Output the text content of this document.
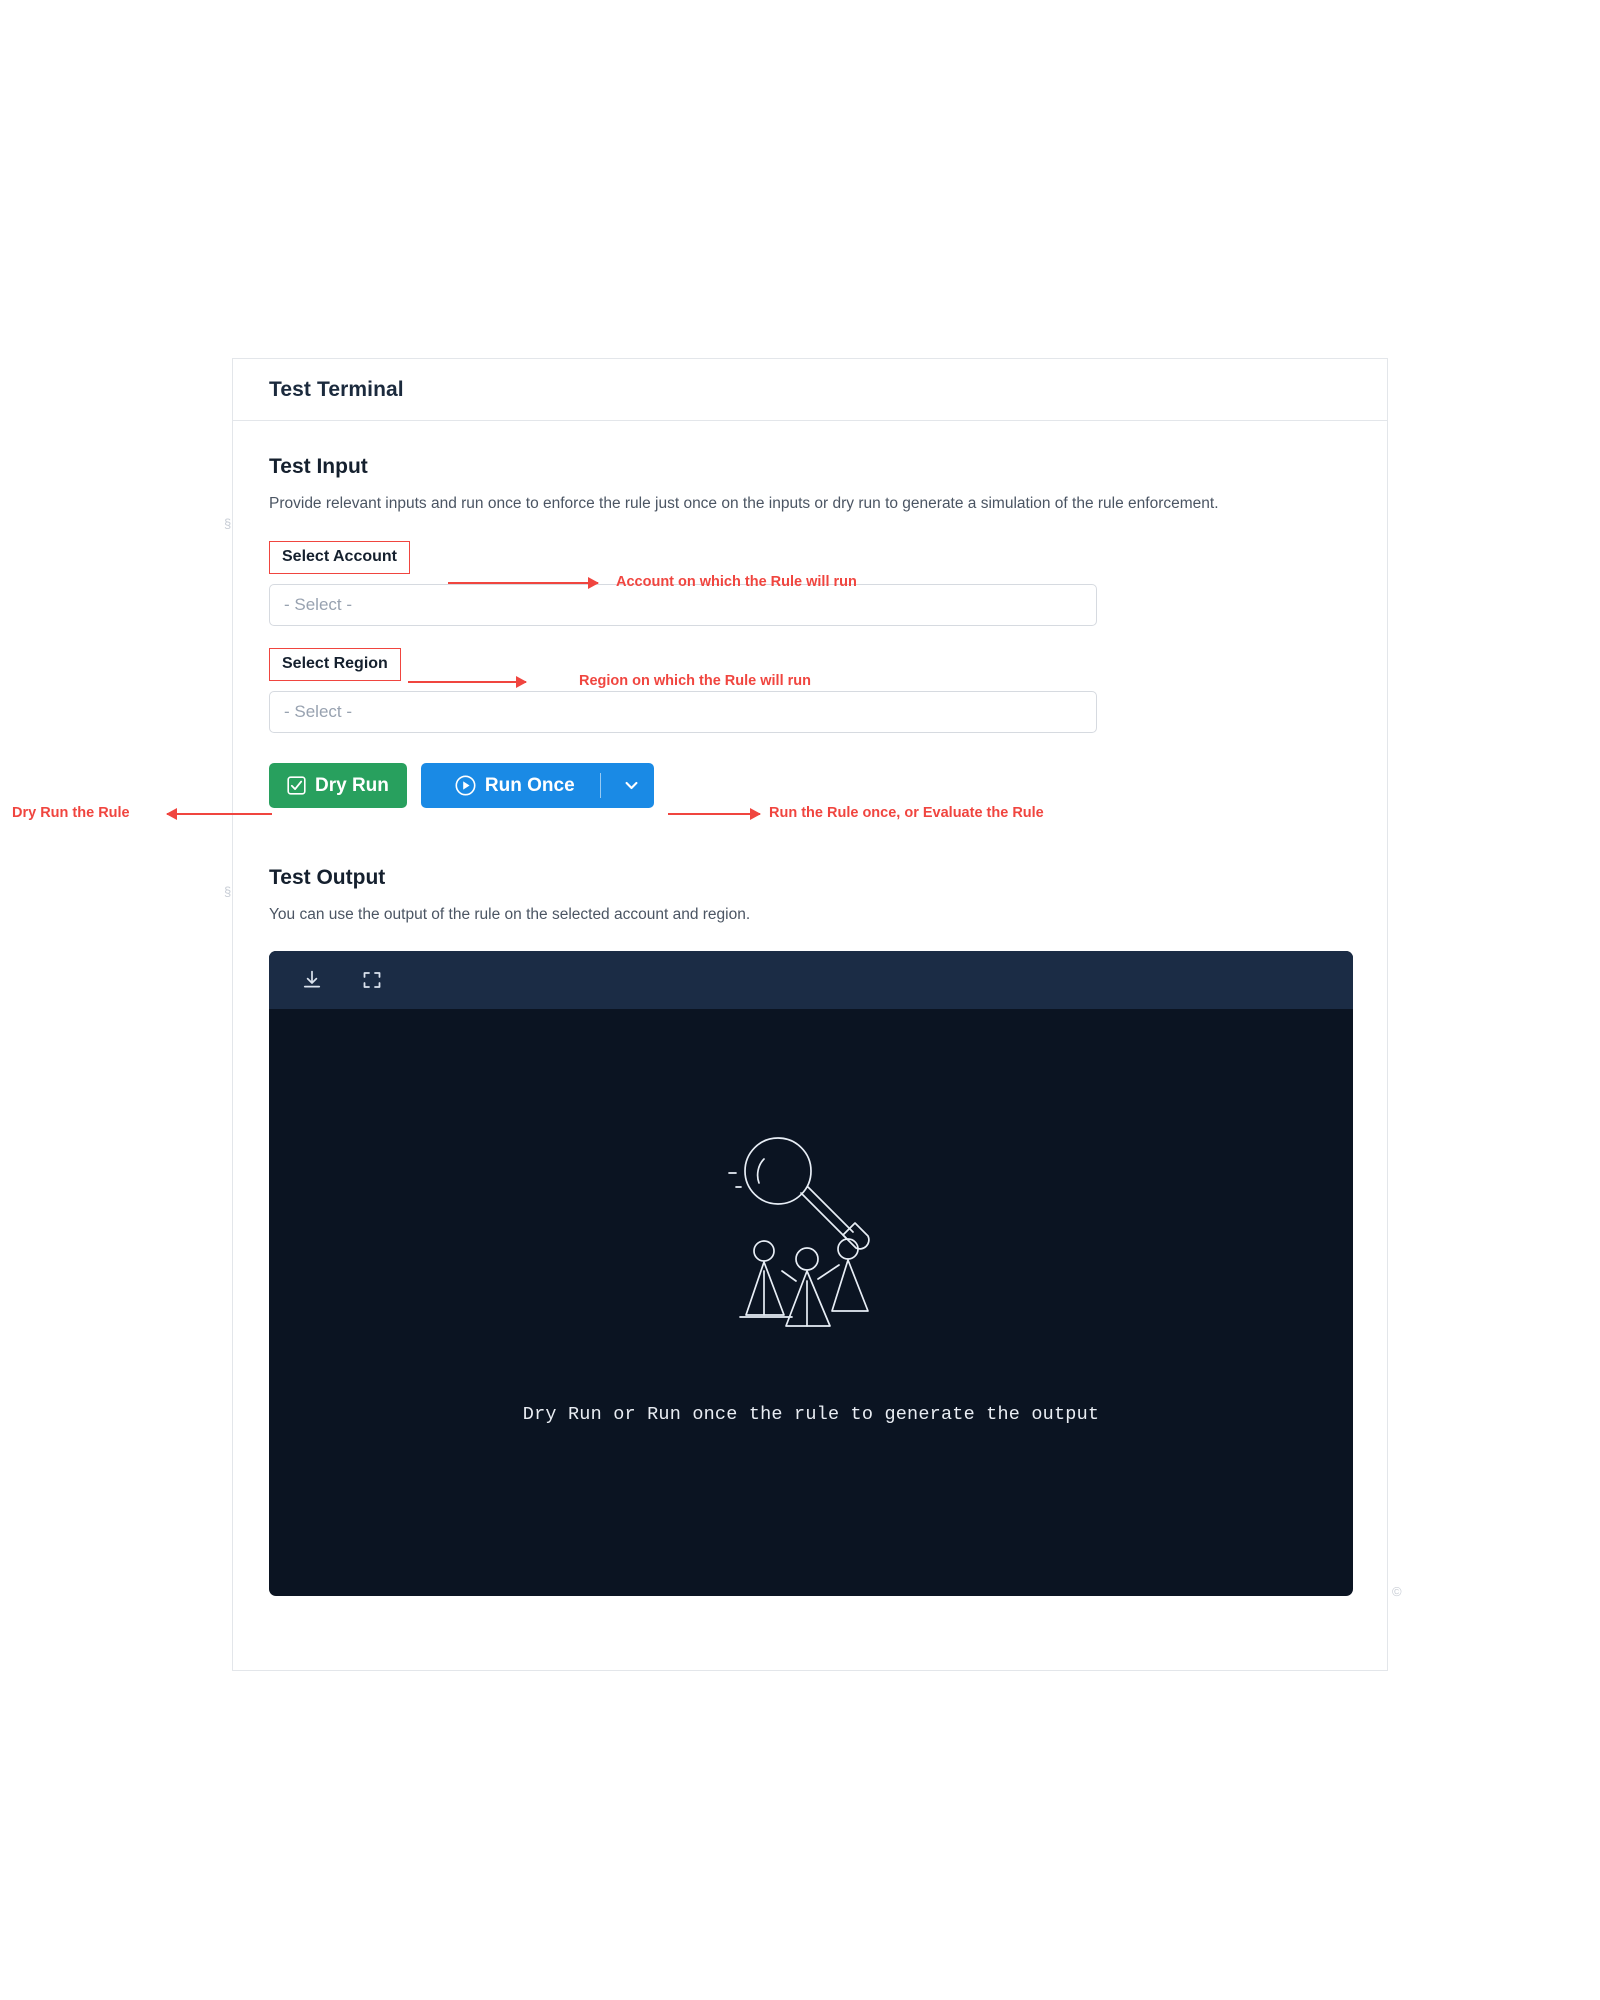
§
§
©
Test Terminal
Test Input

Provide relevant inputs and run once to enforce the rule just once on the inputs or dry run to generate a simulation of the rule enforcement.

Select Account
- Select -
Select Region
- Select -
Dry Run	Run Once
Test Output

You can use the output of the rule on the selected account and region.

Dry Run or Run once the rule to generate the output
Account on which the Rule will run
Region on which the Rule will run
Dry Run the Rule	Run the Rule once, or Evaluate the Rule
